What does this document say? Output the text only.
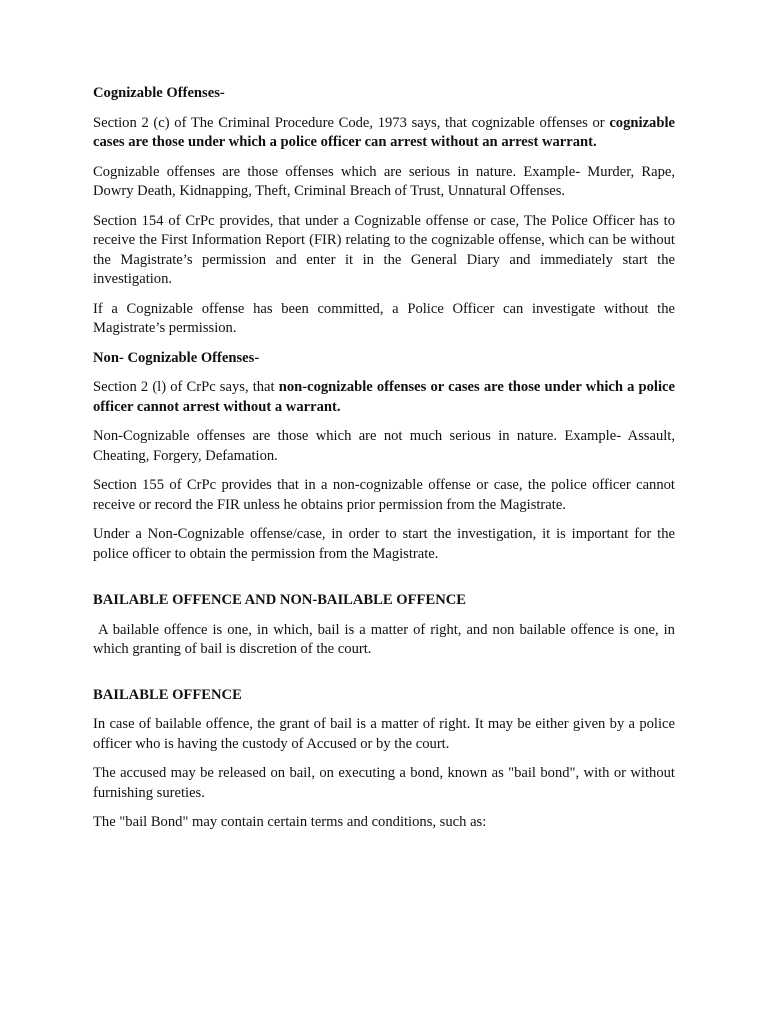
Cognizable Offenses-

Section 2 (c) of The Criminal Procedure Code, 1973 says, that cognizable offenses or cognizable cases are those under which a police officer can arrest without an arrest warrant.

Cognizable offenses are those offenses which are serious in nature. Example- Murder, Rape, Dowry Death, Kidnapping, Theft, Criminal Breach of Trust, Unnatural Offenses.

Section 154 of CrPc provides, that under a Cognizable offense or case, The Police Officer has to receive the First Information Report (FIR) relating to the cognizable offense, which can be without the Magistrate’s permission and enter it in the General Diary and immediately start the investigation.

If a Cognizable offense has been committed, a Police Officer can investigate without the Magistrate’s permission.

Non- Cognizable Offenses-

Section 2 (l) of CrPc says, that non-cognizable offenses or cases are those under which a police officer cannot arrest without a warrant.

Non-Cognizable offenses are those which are not much serious in nature. Example- Assault, Cheating, Forgery, Defamation.

Section 155 of CrPc provides that in a non-cognizable offense or case, the police officer cannot receive or record the FIR unless he obtains prior permission from the Magistrate.

Under a Non-Cognizable offense/case, in order to start the investigation, it is important for the police officer to obtain the permission from the Magistrate.

BAILABLE OFFENCE AND NON-BAILABLE OFFENCE

A bailable offence is one, in which, bail is a matter of right, and non bailable offence is one, in which granting of bail is discretion of the court.

BAILABLE OFFENCE

In case of bailable offence, the grant of bail is a matter of right. It may be either given by a police officer who is having the custody of Accused or by the court.

The accused may be released on bail, on executing a bond, known as "bail bond", with or without furnishing sureties.

The "bail Bond" may contain certain terms and conditions, such as:
